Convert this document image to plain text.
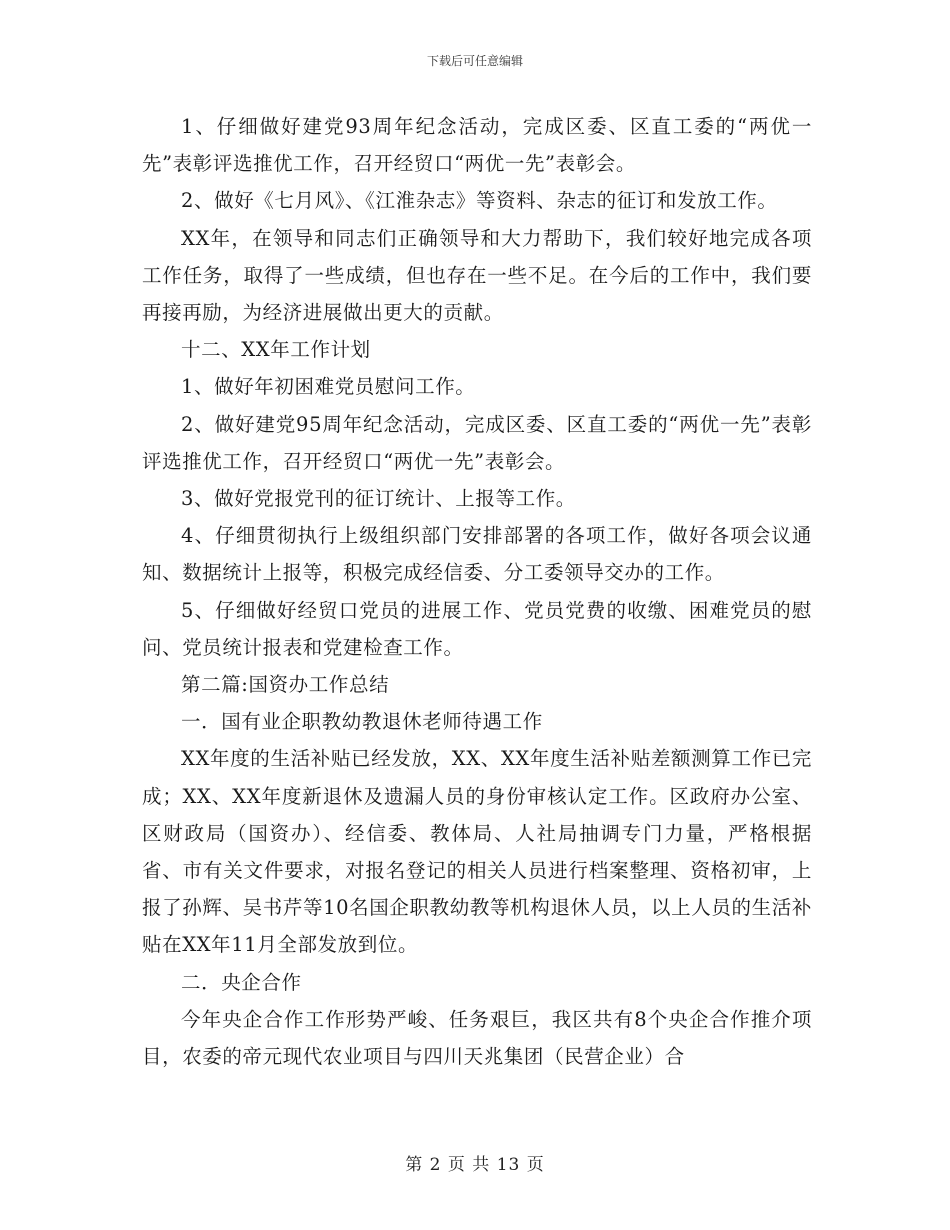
下载后可任意编辑

1、仔细做好建党93周年纪念活动，完成区委、区直工委的“两优一先”表彰评选推优工作，召开经贸口“两优一先”表彰会。

2、做好《七月风》、《江淮杂志》等资料、杂志的征订和发放工作。

XX年，在领导和同志们正确领导和大力帮助下，我们较好地完成各项工作任务，取得了一些成绩，但也存在一些不足。在今后的工作中，我们要再接再励，为经济进展做出更大的贡献。

十二、XX年工作计划

1、做好年初困难党员慰问工作。

2、做好建党95周年纪念活动，完成区委、区直工委的“两优一先”表彰评选推优工作，召开经贸口“两优一先”表彰会。

3、做好党报党刊的征订统计、上报等工作。

4、仔细贯彻执行上级组织部门安排部署的各项工作，做好各项会议通知、数据统计上报等，积极完成经信委、分工委领导交办的工作。

5、仔细做好经贸口党员的进展工作、党员党费的收缴、困难党员的慰问、党员统计报表和党建检查工作。

第二篇:国资办工作总结

一．国有业企职教幼教退休老师待遇工作

XX年度的生活补贴已经发放，XX、XX年度生活补贴差额测算工作已完成；XX、XX年度新退休及遗漏人员的身份审核认定工作。区政府办公室、区财政局（国资办）、经信委、教体局、人社局抽调专门力量，严格根据省、市有关文件要求，对报名登记的相关人员进行档案整理、资格初审，上报了孙辉、吴书芹等10名国企职教幼教等机构退休人员，以上人员的生活补贴在XX年11月全部发放到位。

二．央企合作

今年央企合作工作形势严峻、任务艰巨，我区共有8个央企合作推介项目，农委的帝元现代农业项目与四川天兆集团（民营企业）合

第 2 页 共 13 页
